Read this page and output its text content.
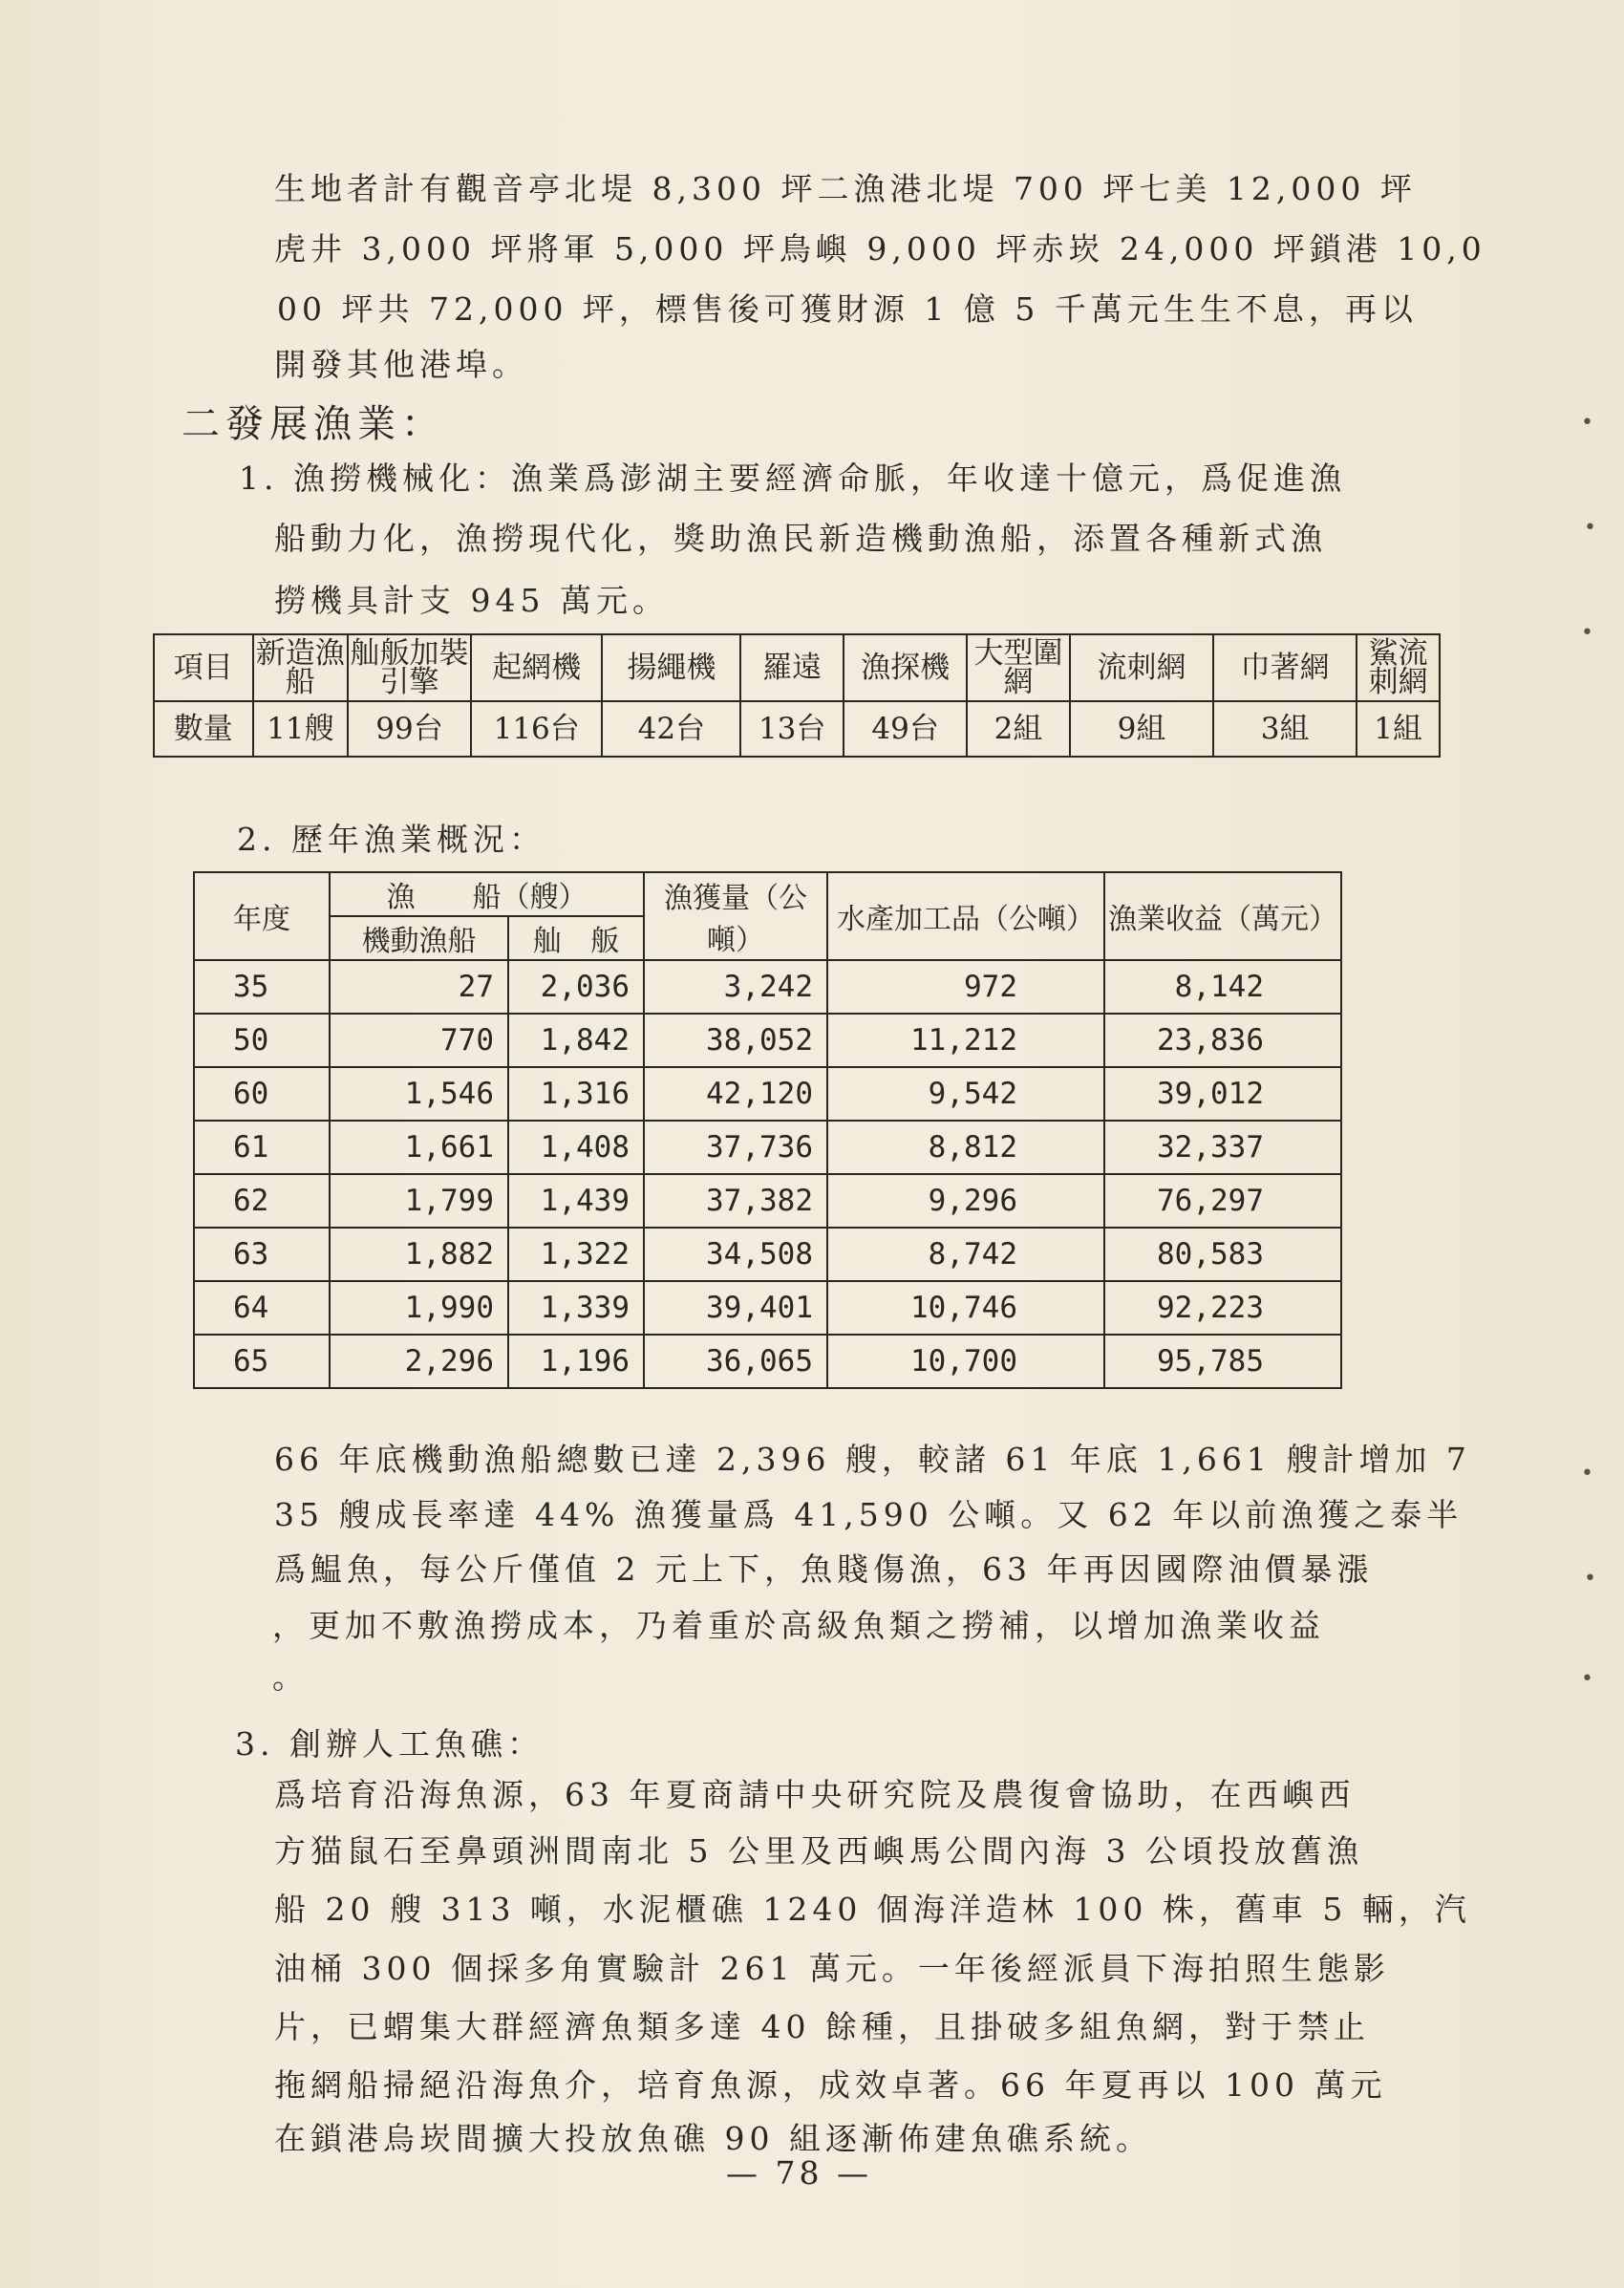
生地者計有觀音亭北堤 8,300 坪二漁港北堤 700 坪七美 12,000 坪
虎井 3,000 坪將軍 5,000 坪鳥嶼 9,000 坪赤崁 24,000 坪鎖港 10,0
00 坪共 72,000 坪，標售後可獲財源 1 億 5 千萬元生生不息，再以
開發其他港埠。
二發展漁業：
1. 漁撈機械化：漁業爲澎湖主要經濟命脈，年收達十億元，爲促進漁
船動力化，漁撈現代化，獎助漁民新造機動漁船，添置各種新式漁
撈機具計支 945 萬元。
項目	新造漁船	舢舨加裝引擎	起網機	揚繩機	羅遠	漁探機	大型圍網	流刺網	巾著網	鯊流刺網
數量	11艘	99台	116台	42台	13台	49台	2組	9組	3組	1組
2. 歷年漁業概況：
年度	漁　　船（艘）		漁獲量（公噸）	水產加工品（公噸）	漁業收益（萬元）
	機動漁船	舢　舨			
35	27	2,036	3,242	972	8,142
50	770	1,842	38,052	11,212	23,836
60	1,546	1,316	42,120	9,542	39,012
61	1,661	1,408	37,736	8,812	32,337
62	1,799	1,439	37,382	9,296	76,297
63	1,882	1,322	34,508	8,742	80,583
64	1,990	1,339	39,401	10,746	92,223
65	2,296	1,196	36,065	10,700	95,785
66 年底機動漁船總數已達 2,396 艘，較諸 61 年底 1,661 艘計增加 7
35 艘成長率達 44% 漁獲量爲 41,590 公噸。又 62 年以前漁獲之泰半
爲鰛魚，每公斤僅值 2 元上下，魚賤傷漁，63 年再因國際油價暴漲
，更加不敷漁撈成本，乃着重於高級魚類之撈補，以增加漁業收益
。
3. 創辦人工魚礁：
爲培育沿海魚源，63 年夏商請中央研究院及農復會協助，在西嶼西
方猫鼠石至鼻頭洲間南北 5 公里及西嶼馬公間內海 3 公頃投放舊漁
船 20 艘 313 噸，水泥櫃礁 1240 個海洋造林 100 株，舊車 5 輛，汽
油桶 300 個採多角實驗計 261 萬元。一年後經派員下海拍照生態影
片，已蝟集大群經濟魚類多達 40 餘種，且掛破多組魚網，對于禁止
拖網船掃絕沿海魚介，培育魚源，成效卓著。66 年夏再以 100 萬元
在鎖港烏崁間擴大投放魚礁 90 組逐漸佈建魚礁系統。
— 78 —
•
•
•
•
•
•
